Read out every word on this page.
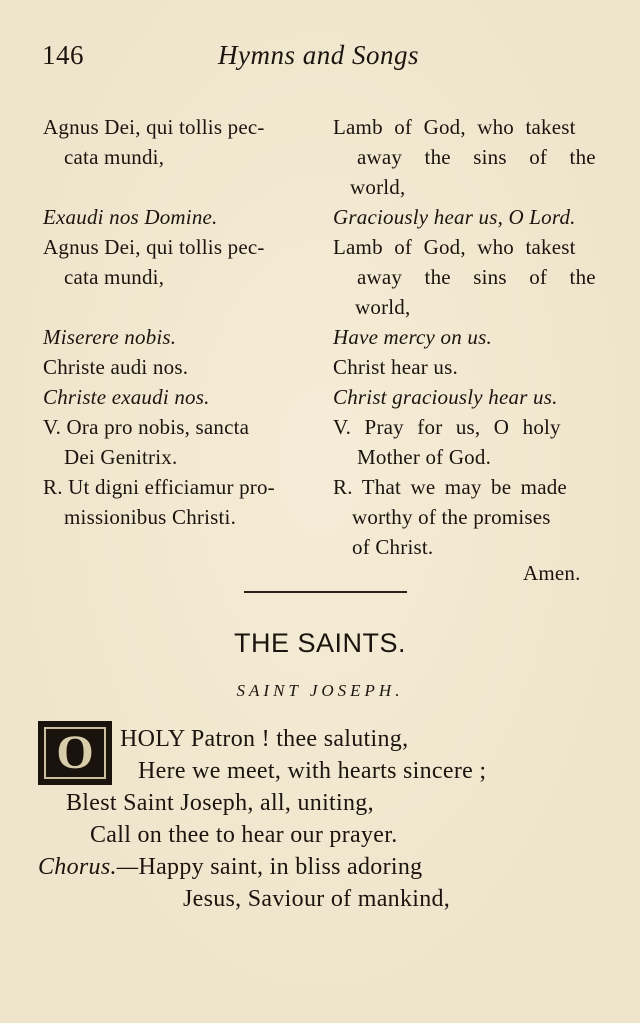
146	Hymns and Songs
Agnus Dei, qui tollis pec-
cata mundi,
Exaudi nos Domine.
Agnus Dei, qui tollis pec-
cata mundi,
Miserere nobis.
Christe audi nos.
Christe exaudi nos.
V. Ora pro nobis, sancta
Dei Genitrix.
R. Ut digni efficiamur pro-
missionibus Christi.
Lamb of God, who takest
away the sins of the
world,
Graciously hear us, O Lord.
Lamb of God, who takest
away the sins of the
world,
Have mercy on us.
Christ hear us.
Christ graciously hear us.
V. Pray for us, O holy
Mother of God.
R. That we may be made
worthy of the promises
of Christ.
Amen.
THE SAINTS.
SAINT JOSEPH.
O	HOLY Patron ! thee saluting,
Here we meet, with hearts sincere ;
Blest Saint Joseph, all, uniting,
Call on thee to hear our prayer.
Chorus.—Happy saint, in bliss adoring
Jesus, Saviour of mankind,
